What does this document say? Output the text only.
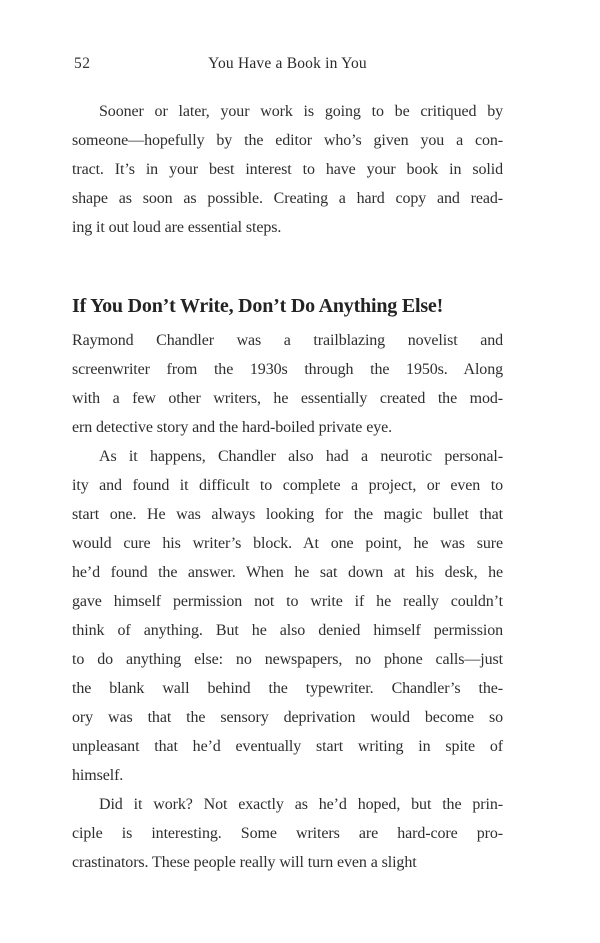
52	You Have a Book in You
Sooner or later, your work is going to be critiqued by
someone—hopefully by the editor who’s given you a con-
tract. It’s in your best interest to have your book in solid
shape as soon as possible. Creating a hard copy and read-
ing it out loud are essential steps.
If You Don’t Write, Don’t Do Anything Else!
Raymond Chandler was a trailblazing novelist and
screenwriter from the 1930s through the 1950s. Along
with a few other writers, he essentially created the mod-
ern detective story and the hard-boiled private eye.
As it happens, Chandler also had a neurotic personal-
ity and found it difficult to complete a project, or even to
start one. He was always looking for the magic bullet that
would cure his writer’s block. At one point, he was sure
he’d found the answer. When he sat down at his desk, he
gave himself permission not to write if he really couldn’t
think of anything. But he also denied himself permission
to do anything else: no newspapers, no phone calls—just
the blank wall behind the typewriter. Chandler’s the-
ory was that the sensory deprivation would become so
unpleasant that he’d eventually start writing in spite of
himself.
Did it work? Not exactly as he’d hoped, but the prin-
ciple is interesting. Some writers are hard-core pro-
crastinators. These people really will turn even a slight
